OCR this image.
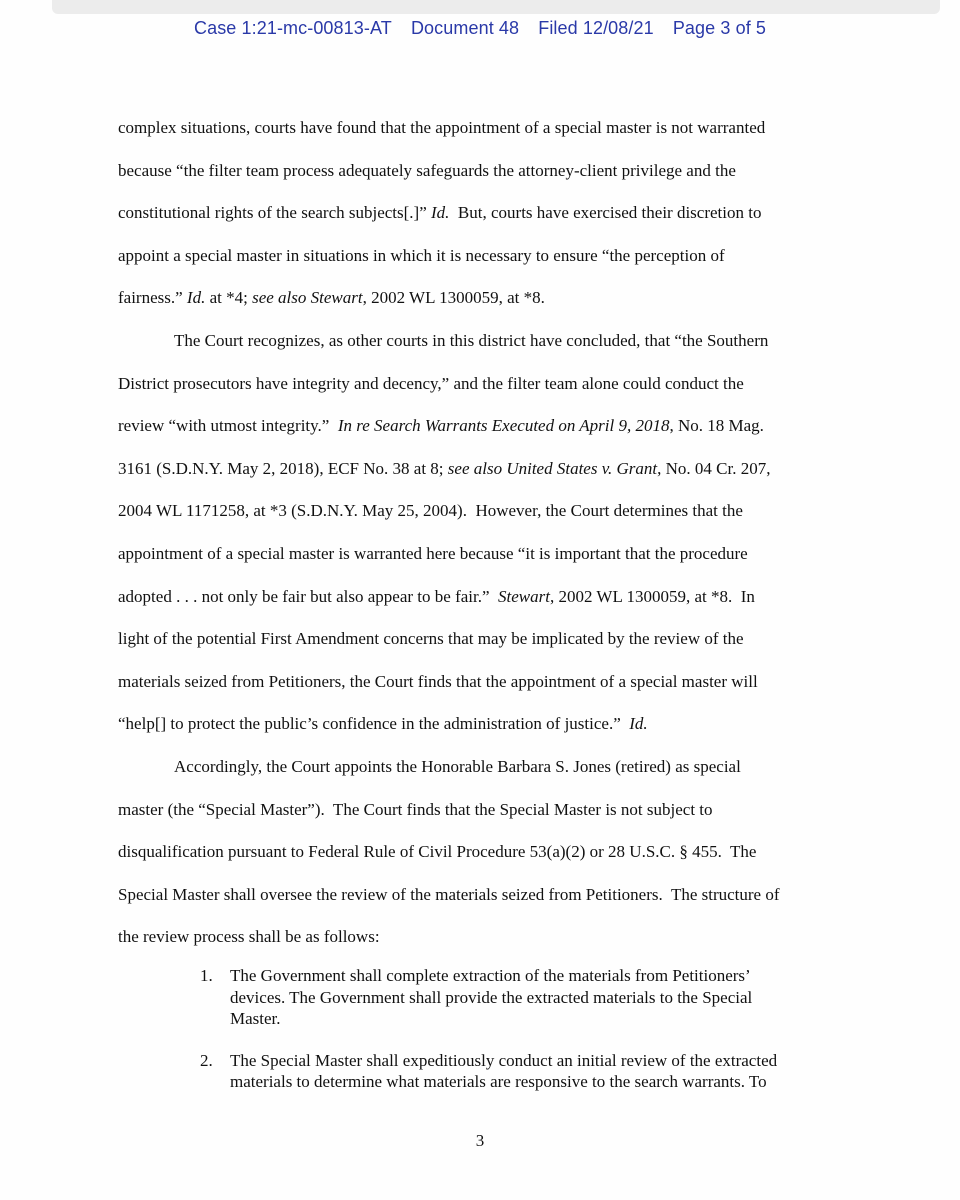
Case 1:21-mc-00813-AT Document 48 Filed 12/08/21 Page 3 of 5
complex situations, courts have found that the appointment of a special master is not warranted
because “the filter team process adequately safeguards the attorney-client privilege and the
constitutional rights of the search subjects[.]” Id.  But, courts have exercised their discretion to
appoint a special master in situations in which it is necessary to ensure “the perception of
fairness.” Id. at *4; see also Stewart, 2002 WL 1300059, at *8.
The Court recognizes, as other courts in this district have concluded, that “the Southern
District prosecutors have integrity and decency,” and the filter team alone could conduct the
review “with utmost integrity.”  In re Search Warrants Executed on April 9, 2018, No. 18 Mag.
3161 (S.D.N.Y. May 2, 2018), ECF No. 38 at 8; see also United States v. Grant, No. 04 Cr. 207,
2004 WL 1171258, at *3 (S.D.N.Y. May 25, 2004).  However, the Court determines that the
appointment of a special master is warranted here because “it is important that the procedure
adopted . . . not only be fair but also appear to be fair.”  Stewart, 2002 WL 1300059, at *8.  In
light of the potential First Amendment concerns that may be implicated by the review of the
materials seized from Petitioners, the Court finds that the appointment of a special master will
“help[] to protect the public’s confidence in the administration of justice.”  Id.
Accordingly, the Court appoints the Honorable Barbara S. Jones (retired) as special
master (the “Special Master”).  The Court finds that the Special Master is not subject to
disqualification pursuant to Federal Rule of Civil Procedure 53(a)(2) or 28 U.S.C. § 455.  The
Special Master shall oversee the review of the materials seized from Petitioners.  The structure of
the review process shall be as follows:
1.	The Government shall complete extraction of the materials from Petitioners’
devices. The Government shall provide the extracted materials to the Special
Master.
2.	The Special Master shall expeditiously conduct an initial review of the extracted
materials to determine what materials are responsive to the search warrants. To
3
